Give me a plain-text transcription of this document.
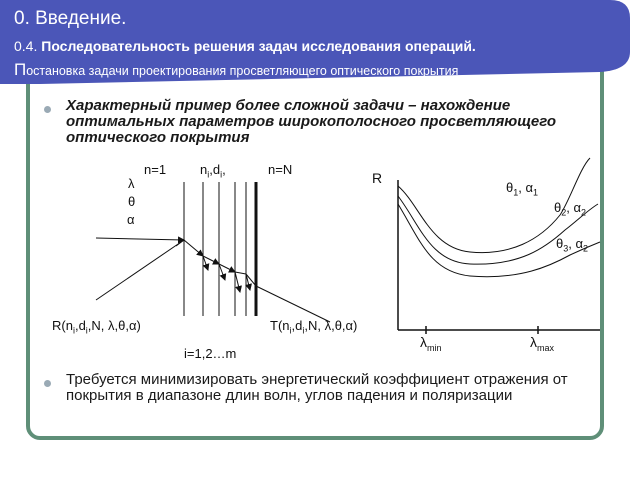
0. Введение.
0.4. Последовательность решения задач исследования операций.
Постановка задачи проектирования просветляющего оптического покрытия
Характерный пример более сложной задачи – нахождение оптимальных параметров широкополосного просветляющего оптического покрытия
n=1	$n_i,d_i$,	n=N
λ
θ
α
$R(n_i,d_i,N$, λ,θ,α)	$T(n_i,d_i,N$, λ,θ,α)
i=1,2…m
R
$\theta_1$, $\alpha_1$
$\theta_2$, $\alpha_2$
$\theta_3$, $\alpha_2$
$\lambda_{min}$	$\lambda_{max}$
Требуется минимизировать энергетический коэффициент отражения от покрытия в диапазоне длин волн, углов падения и поляризации
